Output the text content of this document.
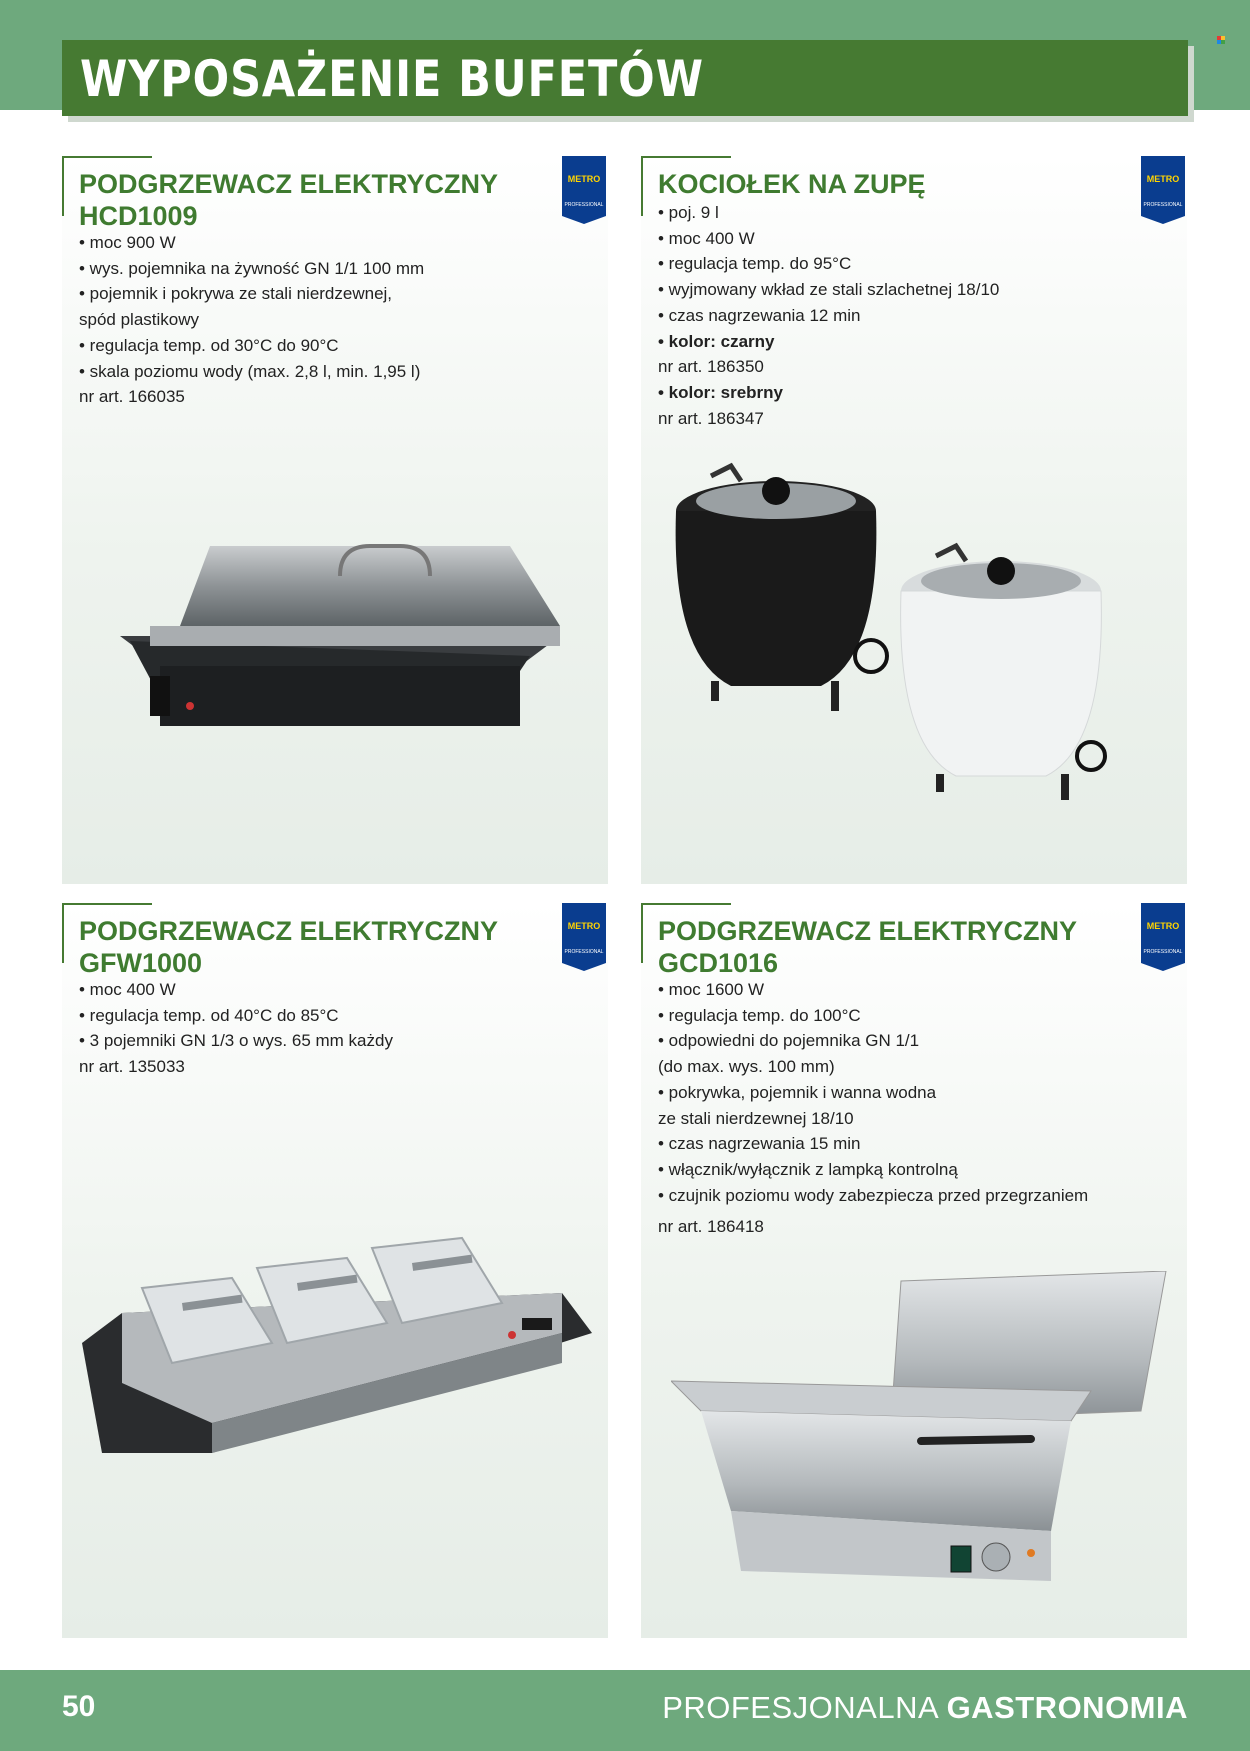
WYPOSAŻENIE BUFETÓW
PODGRZEWACZ ELEKTRYCZNY HCD1009
METRO
PROFESSIONAL
• moc 900 W
• wys. pojemnika na żywność GN 1/1 100 mm
• pojemnik i pokrywa ze stali nierdzewnej,
spód plastikowy
• regulacja temp. od 30°C do 90°C
• skala poziomu wody (max. 2,8 l, min. 1,95 l)
nr art. 166035
KOCIOŁEK NA ZUPĘ	METRO
PROFESSIONAL
• poj. 9 l
• moc 400 W
• regulacja temp. do 95°C
• wyjmowany wkład ze stali szlachetnej 18/10
• czas nagrzewania 12 min
• kolor: czarny
nr art. 186350
• kolor: srebrny
nr art. 186347
PODGRZEWACZ ELEKTRYCZNY GFW1000
METRO
PROFESSIONAL
• moc 400 W
• regulacja temp. od 40°C do 85°C
• 3 pojemniki GN 1/3 o wys. 65 mm każdy
nr art. 135033
PODGRZEWACZ ELEKTRYCZNY GCD1016
METRO
PROFESSIONAL
• moc 1600 W
• regulacja temp. do 100°C
• odpowiedni do pojemnika GN 1/1
(do max. wys. 100 mm)
• pokrywka, pojemnik i wanna wodna
ze stali nierdzewnej 18/10
• czas nagrzewania 15 min
• włącznik/wyłącznik z lampką kontrolną
• czujnik poziomu wody zabezpiecza przed przegrzaniem
nr art. 186418
50	PROFESJONALNA GASTRONOMIA
